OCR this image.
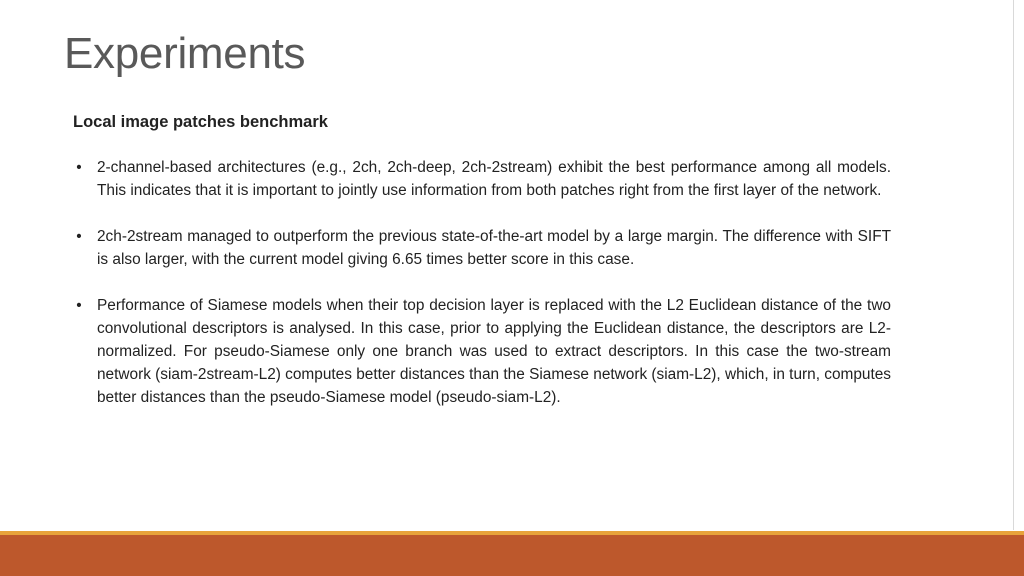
Experiments

Local image patches benchmark

• 2-channel-based architectures (e.g., 2ch, 2ch-deep, 2ch-2stream) exhibit the best performance among all models. This indicates that it is important to jointly use information from both patches right from the first layer of the network.
• 2ch-2stream managed to outperform the previous state-of-the-art model by a large margin. The difference with SIFT is also larger, with the current model giving 6.65 times better score in this case.
• Performance of Siamese models when their top decision layer is replaced with the L2 Euclidean distance of the two convolutional descriptors is analysed. In this case, prior to applying the Euclidean distance, the descriptors are L2-normalized. For pseudo-Siamese only one branch was used to extract descriptors. In this case the two-stream network (siam-2stream-L2) computes better distances than the Siamese network (siam-L2), which, in turn, computes better distances than the pseudo-Siamese model (pseudo-siam-L2).
